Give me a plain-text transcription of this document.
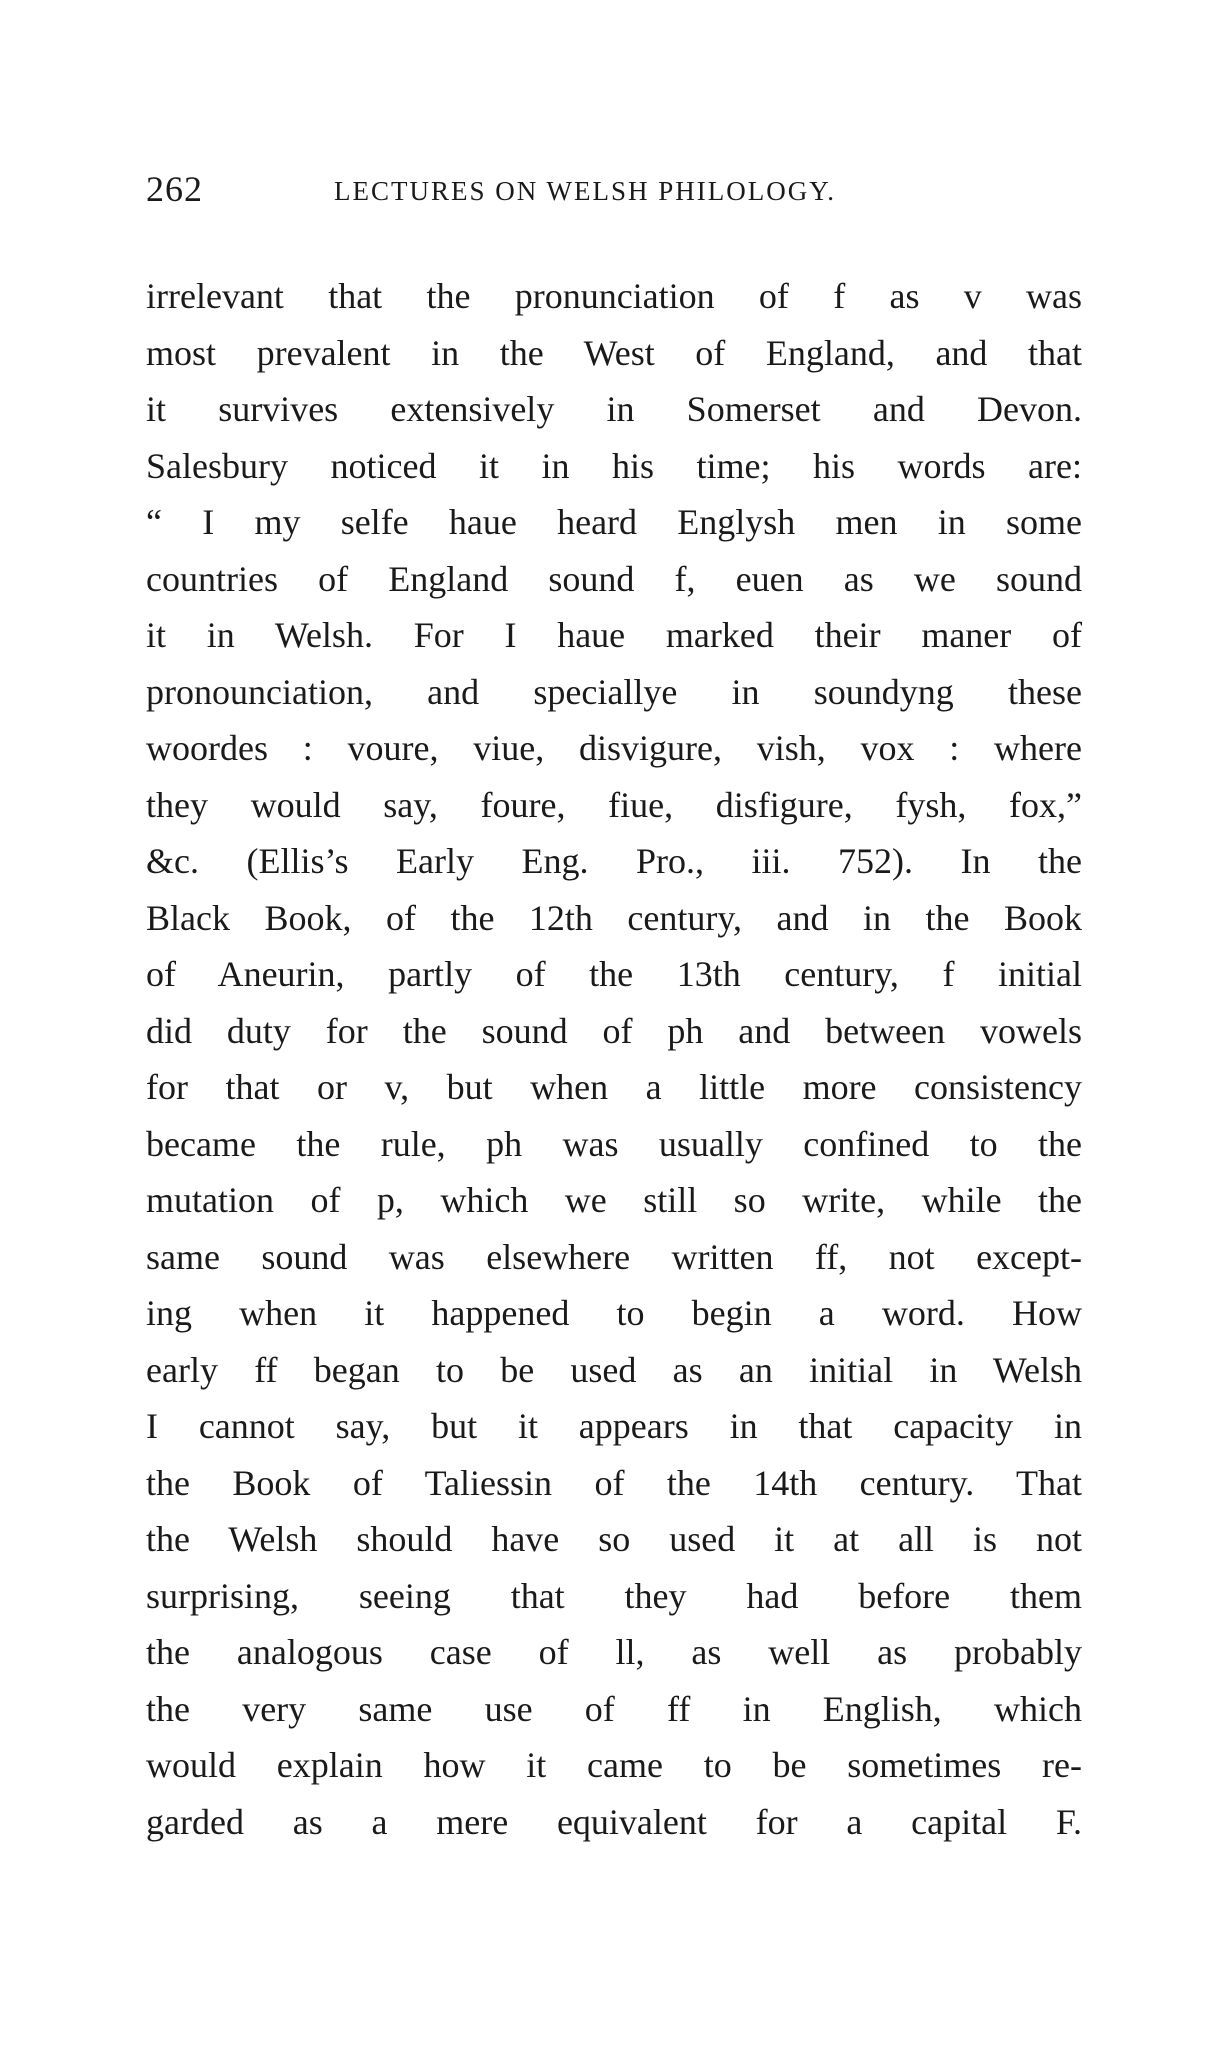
262	LECTURES ON WELSH PHILOLOGY.
irrelevant that the pronunciation of f as v was
most prevalent in the West of England, and that
it survives extensively in Somerset and Devon.
Salesbury noticed it in his time; his words are:
“ I my selfe haue heard Englysh men in some
countries of England sound f, euen as we sound
it in Welsh. For I haue marked their maner of
pronounciation, and speciallye in soundyng these
woordes : voure, viue, disvigure, vish, vox : where
they would say, foure, fiue, disfigure, fysh, fox,”
&c. (Ellis’s Early Eng. Pro., iii. 752). In the
Black Book, of the 12th century, and in the Book
of Aneurin, partly of the 13th century, f initial
did duty for the sound of ph and between vowels
for that or v, but when a little more consistency
became the rule, ph was usually confined to the
mutation of p, which we still so write, while the
same sound was elsewhere written ff, not except-
ing when it happened to begin a word. How
early ff began to be used as an initial in Welsh
I cannot say, but it appears in that capacity in
the Book of Taliessin of the 14th century. That
the Welsh should have so used it at all is not
surprising, seeing that they had before them
the analogous case of ll, as well as probably
the very same use of ff in English, which
would explain how it came to be sometimes re-
garded as a mere equivalent for a capital F.
